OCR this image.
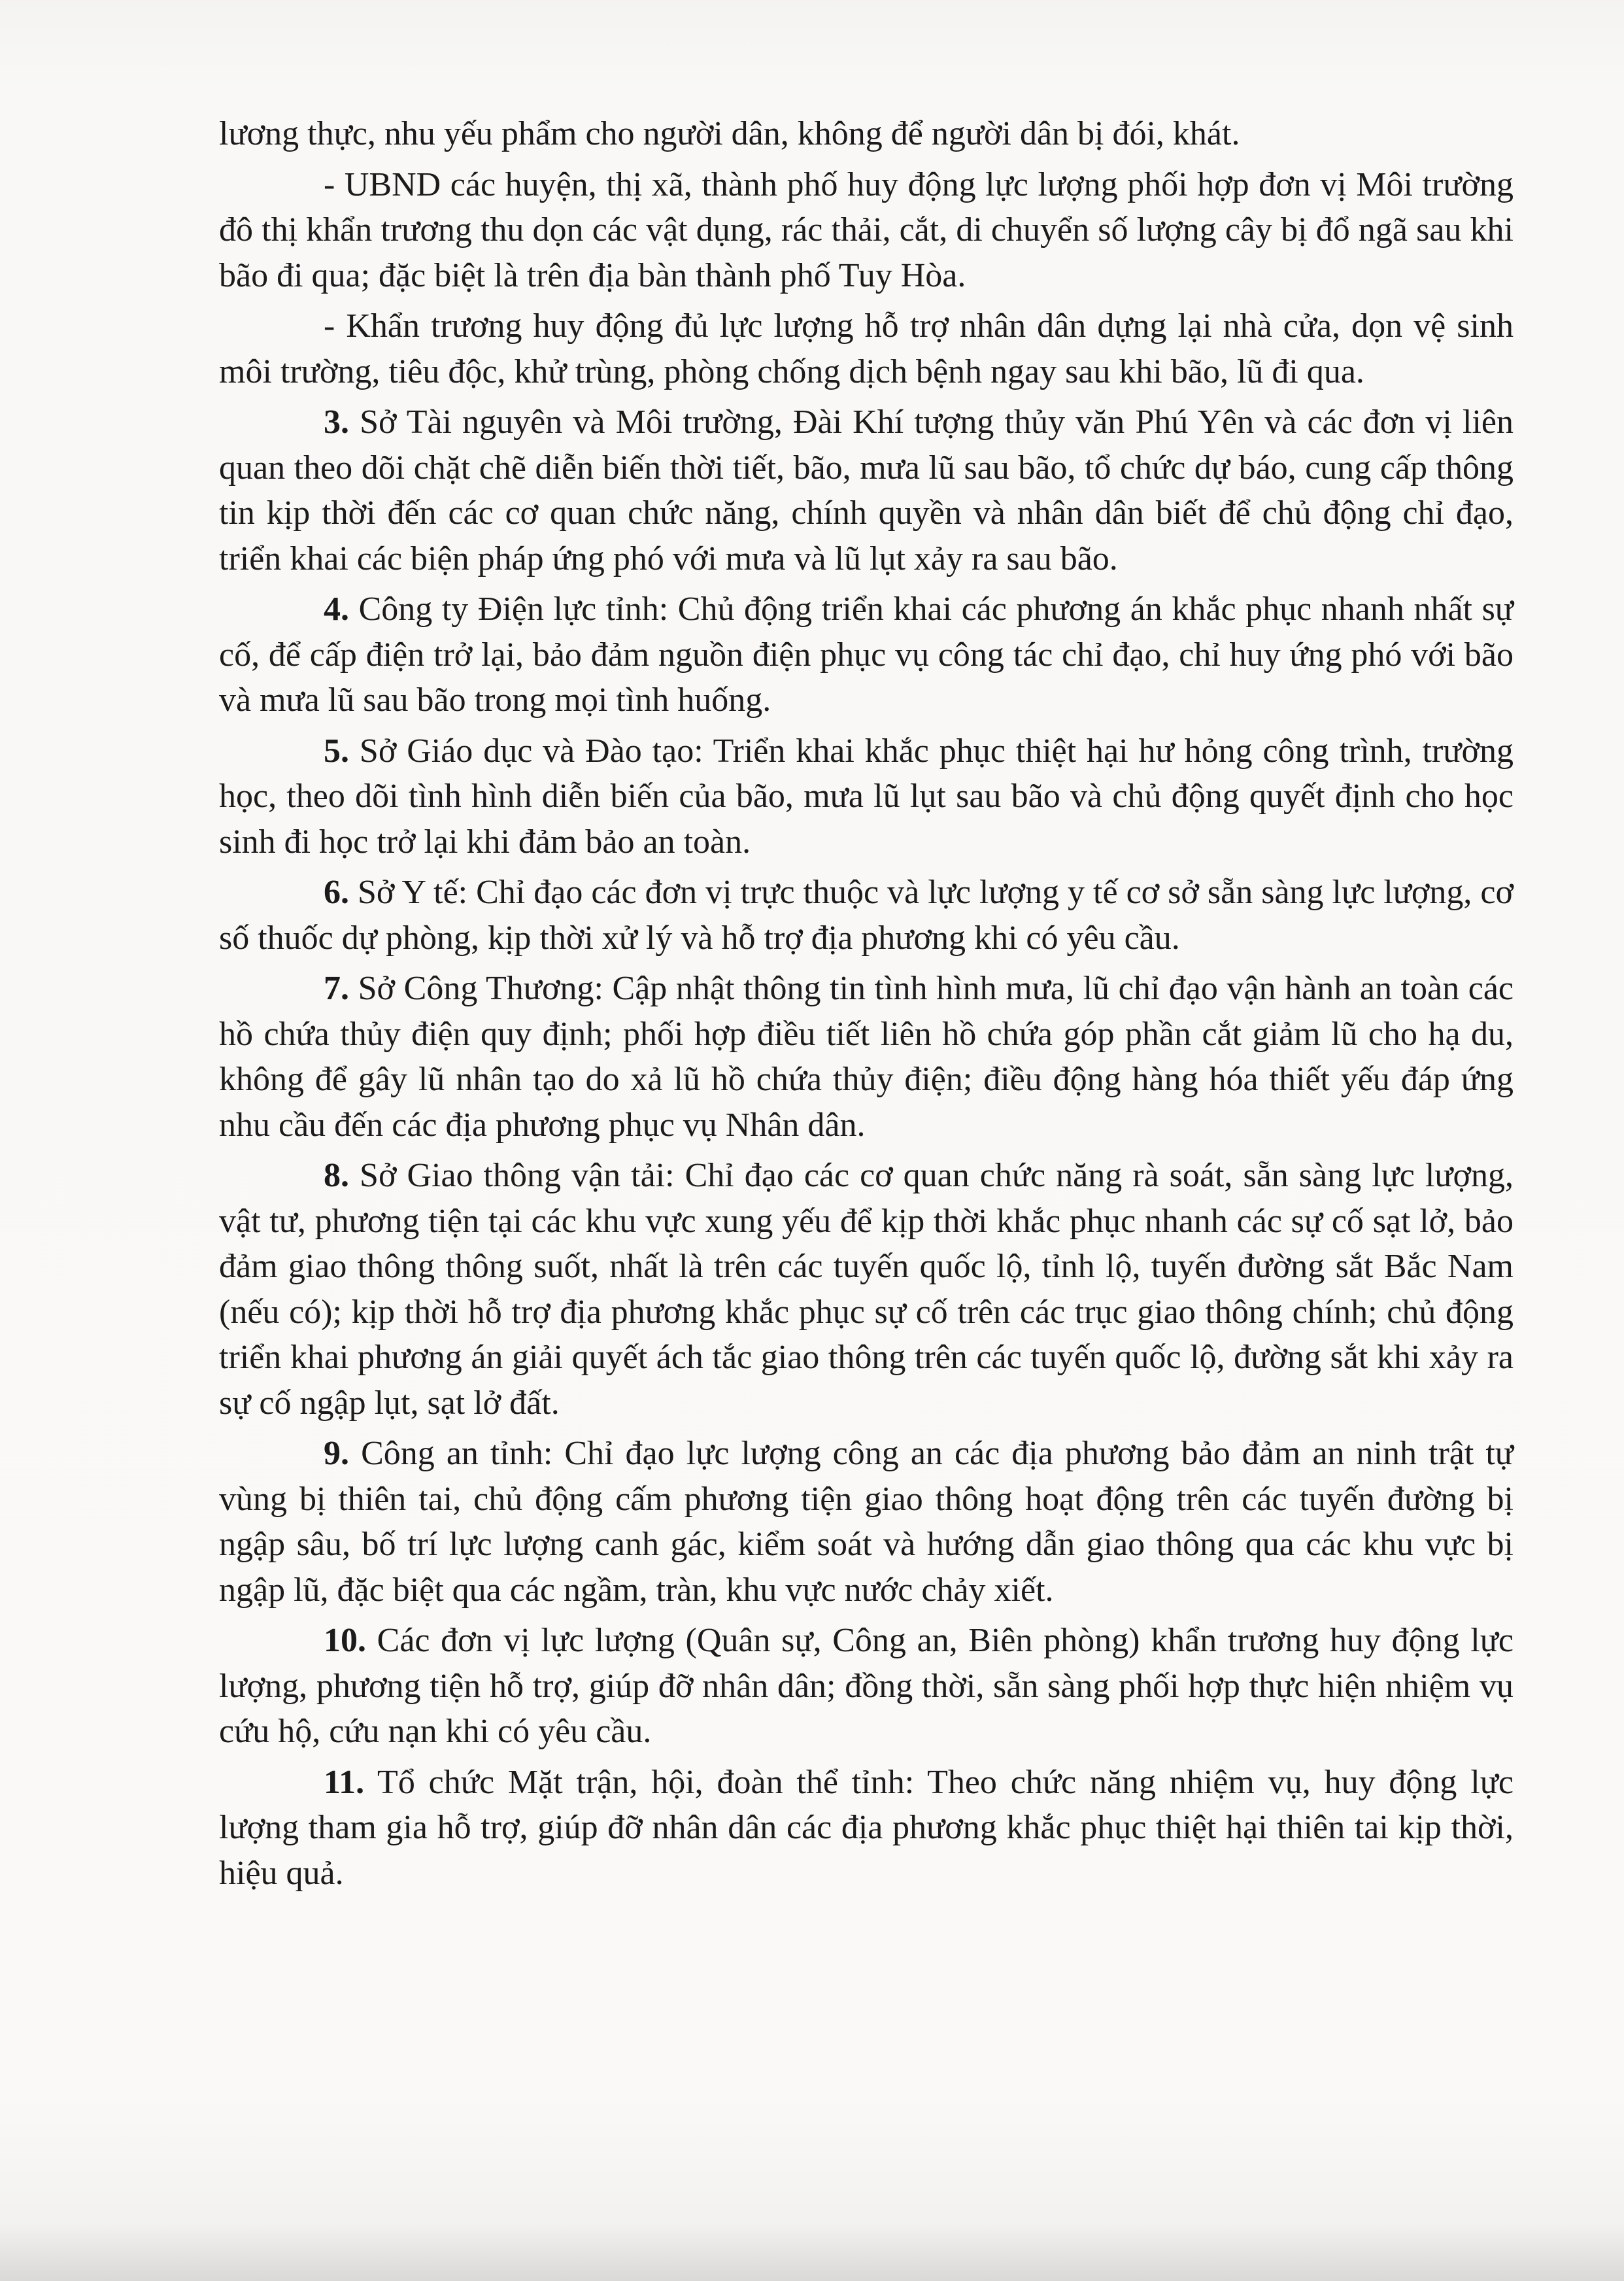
lương thực, nhu yếu phẩm cho người dân, không để người dân bị đói, khát.

- UBND các huyện, thị xã, thành phố huy động lực lượng phối hợp đơn vị Môi trường đô thị khẩn trương thu dọn các vật dụng, rác thải, cắt, di chuyển số lượng cây bị đổ ngã sau khi bão đi qua; đặc biệt là trên địa bàn thành phố Tuy Hòa.

- Khẩn trương huy động đủ lực lượng hỗ trợ nhân dân dựng lại nhà cửa, dọn vệ sinh môi trường, tiêu độc, khử trùng, phòng chống dịch bệnh ngay sau khi bão, lũ đi qua.

3. Sở Tài nguyên và Môi trường, Đài Khí tượng thủy văn Phú Yên và các đơn vị liên quan theo dõi chặt chẽ diễn biến thời tiết, bão, mưa lũ sau bão, tổ chức dự báo, cung cấp thông tin kịp thời đến các cơ quan chức năng, chính quyền và nhân dân biết để chủ động chỉ đạo, triển khai các biện pháp ứng phó với mưa và lũ lụt xảy ra sau bão.

4. Công ty Điện lực tỉnh: Chủ động triển khai các phương án khắc phục nhanh nhất sự cố, để cấp điện trở lại, bảo đảm nguồn điện phục vụ công tác chỉ đạo, chỉ huy ứng phó với bão và mưa lũ sau bão trong mọi tình huống.

5. Sở Giáo dục và Đào tạo: Triển khai khắc phục thiệt hại hư hỏng công trình, trường học, theo dõi tình hình diễn biến của bão, mưa lũ lụt sau bão và chủ động quyết định cho học sinh đi học trở lại khi đảm bảo an toàn.

6. Sở Y tế: Chỉ đạo các đơn vị trực thuộc và lực lượng y tế cơ sở sẵn sàng lực lượng, cơ số thuốc dự phòng, kịp thời xử lý và hỗ trợ địa phương khi có yêu cầu.

7. Sở Công Thương: Cập nhật thông tin tình hình mưa, lũ chỉ đạo vận hành an toàn các hồ chứa thủy điện quy định; phối hợp điều tiết liên hồ chứa góp phần cắt giảm lũ cho hạ du, không để gây lũ nhân tạo do xả lũ hồ chứa thủy điện; điều động hàng hóa thiết yếu đáp ứng nhu cầu đến các địa phương phục vụ Nhân dân.

8. Sở Giao thông vận tải: Chỉ đạo các cơ quan chức năng rà soát, sẵn sàng lực lượng, vật tư, phương tiện tại các khu vực xung yếu để kịp thời khắc phục nhanh các sự cố sạt lở, bảo đảm giao thông thông suốt, nhất là trên các tuyến quốc lộ, tỉnh lộ, tuyến đường sắt Bắc Nam (nếu có); kịp thời hỗ trợ địa phương khắc phục sự cố trên các trục giao thông chính; chủ động triển khai phương án giải quyết ách tắc giao thông trên các tuyến quốc lộ, đường sắt khi xảy ra sự cố ngập lụt, sạt lở đất.

9. Công an tỉnh: Chỉ đạo lực lượng công an các địa phương bảo đảm an ninh trật tự vùng bị thiên tai, chủ động cấm phương tiện giao thông hoạt động trên các tuyến đường bị ngập sâu, bố trí lực lượng canh gác, kiểm soát và hướng dẫn giao thông qua các khu vực bị ngập lũ, đặc biệt qua các ngầm, tràn, khu vực nước chảy xiết.

10. Các đơn vị lực lượng (Quân sự, Công an, Biên phòng) khẩn trương huy động lực lượng, phương tiện hỗ trợ, giúp đỡ nhân dân; đồng thời, sẵn sàng phối hợp thực hiện nhiệm vụ cứu hộ, cứu nạn khi có yêu cầu.

11. Tổ chức Mặt trận, hội, đoàn thể tỉnh: Theo chức năng nhiệm vụ, huy động lực lượng tham gia hỗ trợ, giúp đỡ nhân dân các địa phương khắc phục thiệt hại thiên tai kịp thời, hiệu quả.
